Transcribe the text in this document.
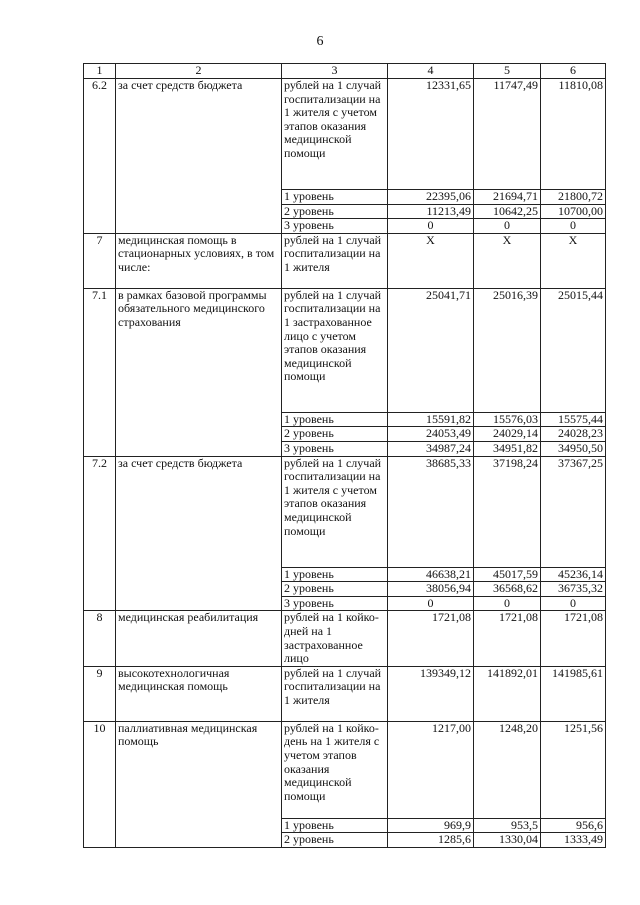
6
1	2	3	4	5	6
6.2	за счет средств бюджета	рублей на 1 случай госпитализации на 1 жителя с учетом этапов оказания медицинской помощи	12331,65	11747,49	11810,08
		1 уровень	22395,06	21694,71	21800,72
		2 уровень	11213,49	10642,25	10700,00
		3 уровень	0	0	0
7	медицинская помощь в стационарных условиях, в том числе:	рублей на 1 случай госпитализации на 1 жителя	X	X	X
7.1	в рамках базовой программы обязательного медицинского страхования	рублей на 1 случай госпитализации на 1 застрахованное лицо с учетом этапов оказания медицинской помощи	25041,71	25016,39	25015,44
		1 уровень	15591,82	15576,03	15575,44
		2 уровень	24053,49	24029,14	24028,23
		3 уровень	34987,24	34951,82	34950,50
7.2	за счет средств бюджета	рублей на 1 случай госпитализации на 1 жителя с учетом этапов оказания медицинской помощи	38685,33	37198,24	37367,25
		1 уровень	46638,21	45017,59	45236,14
		2 уровень	38056,94	36568,62	36735,32
		3 уровень	0	0	0
8	медицинская реабилитация	рублей на 1 койко-дней на 1 застрахованное лицо	1721,08	1721,08	1721,08
9	высокотехнологичная медицинская помощь	рублей на 1 случай госпитализации на 1 жителя	139349,12	141892,01	141985,61
10	паллиативная медицинская помощь	рублей на 1 койко-день на 1 жителя с учетом этапов оказания медицинской помощи	1217,00	1248,20	1251,56
		1 уровень	969,9	953,5	956,6
		2 уровень	1285,6	1330,04	1333,49
